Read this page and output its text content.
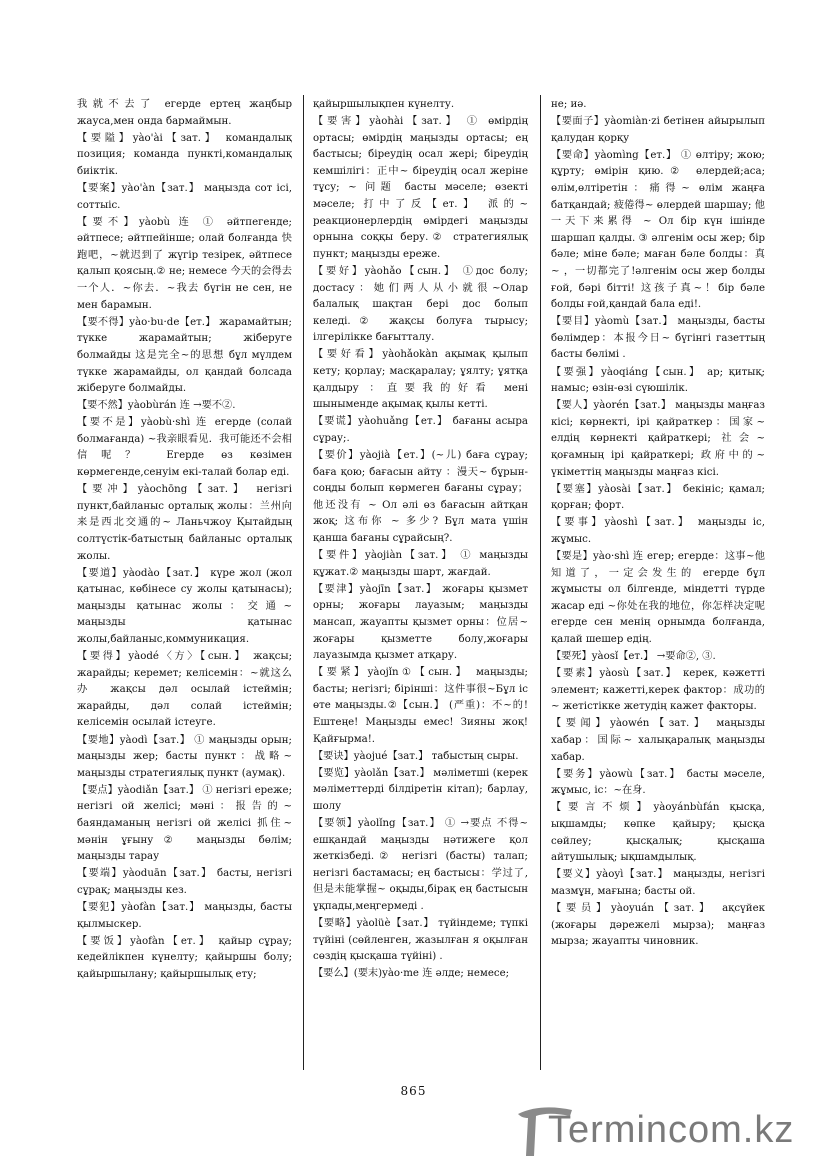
我就不去了 егерде ертең жаңбыр жауса,мен онда бармаймын.

【要隘】yào'ài【зат.】 командалық позиция; команда пункті,командалық биіктік.

【要案】yào'àn【зат.】 маңызда сот ісі, соттыіс.

【要不】yàobù 连 ① әйтпегенде; әйтпесе; әйтпейінше; олай болғанда 快跑吧，~就迟到了 жүгір тезірек, әйтпесе қалып қоясың.② не; немесе 今天的会得去一个人．~你去．~我去 бүгін не сен, не мен барамын.

【要不得】yào·bu·de【ет.】 жарамайтын; түкке жарамайтын; жіберуге болмайды 这是完全~的思想 бұл мүлдем түкке жарамайды, ол қандай болсада жіберуге болмайды.

【要不然】yàobùrán 连 →要不②.

【要不是】yàobù·shì 连 егерде (солай болмағанда) ~我亲眼看见．我可能还不会相信呢？ Егерде өз көзімен көрмегенде,сенуім екі-талай болар еді.

【要冲】yàochōng【зат.】 негізгі пункт,байланыс орталық жолы：兰州向来是西北交通的~ Ланьчжоу Қытайдың солтүстік-батыстың байланыс орталық жолы.

【要道】yàodào【зат.】 күре жол (жол қатынас, көбінесе су жолы қатынасы); маңызды қатынас жолы：交通~ маңызды қатынас жолы,байланыс,коммуникация.

【要得】yàodé〈方〉【сын.】 жақсы; жарайды; керемет; келісемін：~就这么办 жақсы дәл осылай істеймін; жарайды, дәл солай істеймін; келісемін осылай істеуге.

【要地】yàodì【зат.】 ① маңызды орын; маңызды жер; басты пункт：战略~ маңызды стратегиялық пункт (аумақ).

【要点】yàodiǎn【зат.】 ① негізгі ереже; негізгі ой желісі; мәні：报告的~ баяндаманың негізгі ой желісі 抓住~ мәнін ұғыну② маңызды бөлім; маңызды тарау

【要端】yàoduān【зат.】 басты, негізгі сұрақ; маңызды кез.

【要犯】yàofàn【зат.】 маңызды, басты қылмыскер.

【要饭】yàofàn【ет.】 қайыр сұрау; кедейлікпен күнелту; қайыршы болу; қайыршылану; қайыршылық ету;

қайыршылықпен күнелту.

【要害】yàohài【зат.】 ① өмірдің ортасы; өмірдің маңызды ортасы; ең бастысы; біреудің осал жері; біреудің кемшілігі：正中~ біреудің осал жеріне тұсу; ~ 问题 басты мәселе; өзекті мәселе; 打中了反【ет.】 派的~ реакционерлердің өміpдегі маңызды орнына соққы беру.② стратегиялық пункт; маңызды ереже.

【要好】yàohǎo【сын.】 ①дос болу; достасу：她们两人从小就很~Олар балалық шақтан бері дос болып келеді.② жақсы болуға тырысу; ілгерілікке бағытталу.

【要好看】yàohǎokàn ақымақ қылып кету; қорлау; масқаралау; ұялту; ұятқа қалдыру ：直要我的好看 мені шыныменде ақымақ қылы кетті.

【要谎】yàohuǎng【ет.】 бағаны асыра сұрау;.

【要价】yàojià【ет.】(~儿) баға сұрау; баға қою; бағасын айту ：漫天~ бұрын-соңды болып көрмеген бағаны сұрау；他还没有 ~ Ол әлі өз бағасын айтқан жоқ; 这布你 ~ 多少? Бұл мата үшін қанша бағаны сұрайсың?.

【要件】yàojiàn【зат.】 ① маңызды құжат.② маңызды шарт, жағдай.

【要津】yàojīn【зат.】 жоғары қызмет орны; жоғары лауазым; маңызды мансап, жауапты қызмет орны：位居~ жоғары қызметте болу,жоғары лауазымда қызмет атқару.

【要紧】yàojǐn①【сын.】 маңызды; басты; негізгі; бірінші：这件事很~Бұл іс өте маңызды.②【сын.】 (严重)：不~的! Ештеңе! Маңызды емес! Зияны жоқ! Қайғырма!.

【要诀】yàojué【зат.】 табыстың сыры.

【要览】yàolǎn【зат.】 мәліметші (керек мәліметтерді білдіретін кітап); барлау, шолу

【要领】yàolǐng【зат.】 ① →要点 不得~ ешқандай маңызды нәтижеге қол жеткізбеді.② негізгі (басты) талап; негізгі бастамасы; ең бастысы：学过了,但是未能掌握~ оқыды,бірақ ең бастысын ұқпады,меңгермеді .

【要略】yàolüè【зат.】 түйіндеме; түпкі түйіні (сөйленген, жазылған я оқылған сөздің қысқаша түйіні) .

【要么】(要末)yào·me 连 әлде; немесе;

не; иә.

【要面子】yàomiàn·zi бетінен айырылып қалудан қорқу

【要命】yàomìng【ет.】 ① өлтіру; жою; құрту; өмірін қию.② өлердей;аса; өлім,өлтіретін：痛得~ өлім жаңға батқандай; 疲倦得~ өлердей шаршау; 他一天下来累得 ~ Ол бір күн ішінде шаршап қалды. ③ әлгенім осы жер; бір бәле; міне бәле; маған бәле болды：真~ ，一切都完了!әлгенім осы жер болды ғой, бәрі бітті! 这孩子真~！бір бәле болды ғой,қандай бала еді!.

【要目】yàomù【зат.】 маңызды, басты бөлімдер：本报今日~ бүгінгі газеттың басты бөлімі .

【要强】yàoqiáng【сын.】 ар; қитық; намыс; өзін-өзі сүюшілік.

【要人】yàorén【зат.】 маңызды маңғаз кісі; көрнекті, ірі қайраткер：国家~ елдің көрнекті қайраткері; 社会~ қоғамның ірі қайраткері; 政府中的~ үкіметтің маңызды маңғаз кісі.

【要塞】yàosài【зат.】 бекініс; қамал; қорған; форт.

【要事】yàoshì【зат.】 маңызды іс, жұмыс.

【要是】yào·shì 连 егер; егерде：这事~他知道了，一定会发生的 егерде бұл жұмысты ол білгенде, міндетті түрде жасар еді ~你处在我的地位，你怎样决定呢 егерде сен менің орнымда болғанда, қалай шешер едің.

【要死】yàosǐ【ет.】 →要命②, ③.

【要素】yàosù【зат.】 керек, кәжетті элемент; кажетті,керек фактор：成功的~ жетістікке жетудің кажет факторы.

【要闻】yàowén【зат.】 маңызды хабар：国际~ халықаралық маңызды хабар.

【要务】yàowù【зат.】 басты мәселе, жұмыс, іс：~在身.

【要言不烦】yàoyánbùfán қысқа, ықшамды; көпке қайыру; қысқа сөйлеу; қысқалық; қысқаша айтушылық; ықшамдылық.

【要义】yàoyì【зат.】 маңызды, негізгі мазмұн, мағына; басты ой.

【要员】yàoyuán【зат.】 ақсүйек (жоғары дәрежелі мырза); маңғаз мырза; жауапты чиновник.

865
Termincom.kz
